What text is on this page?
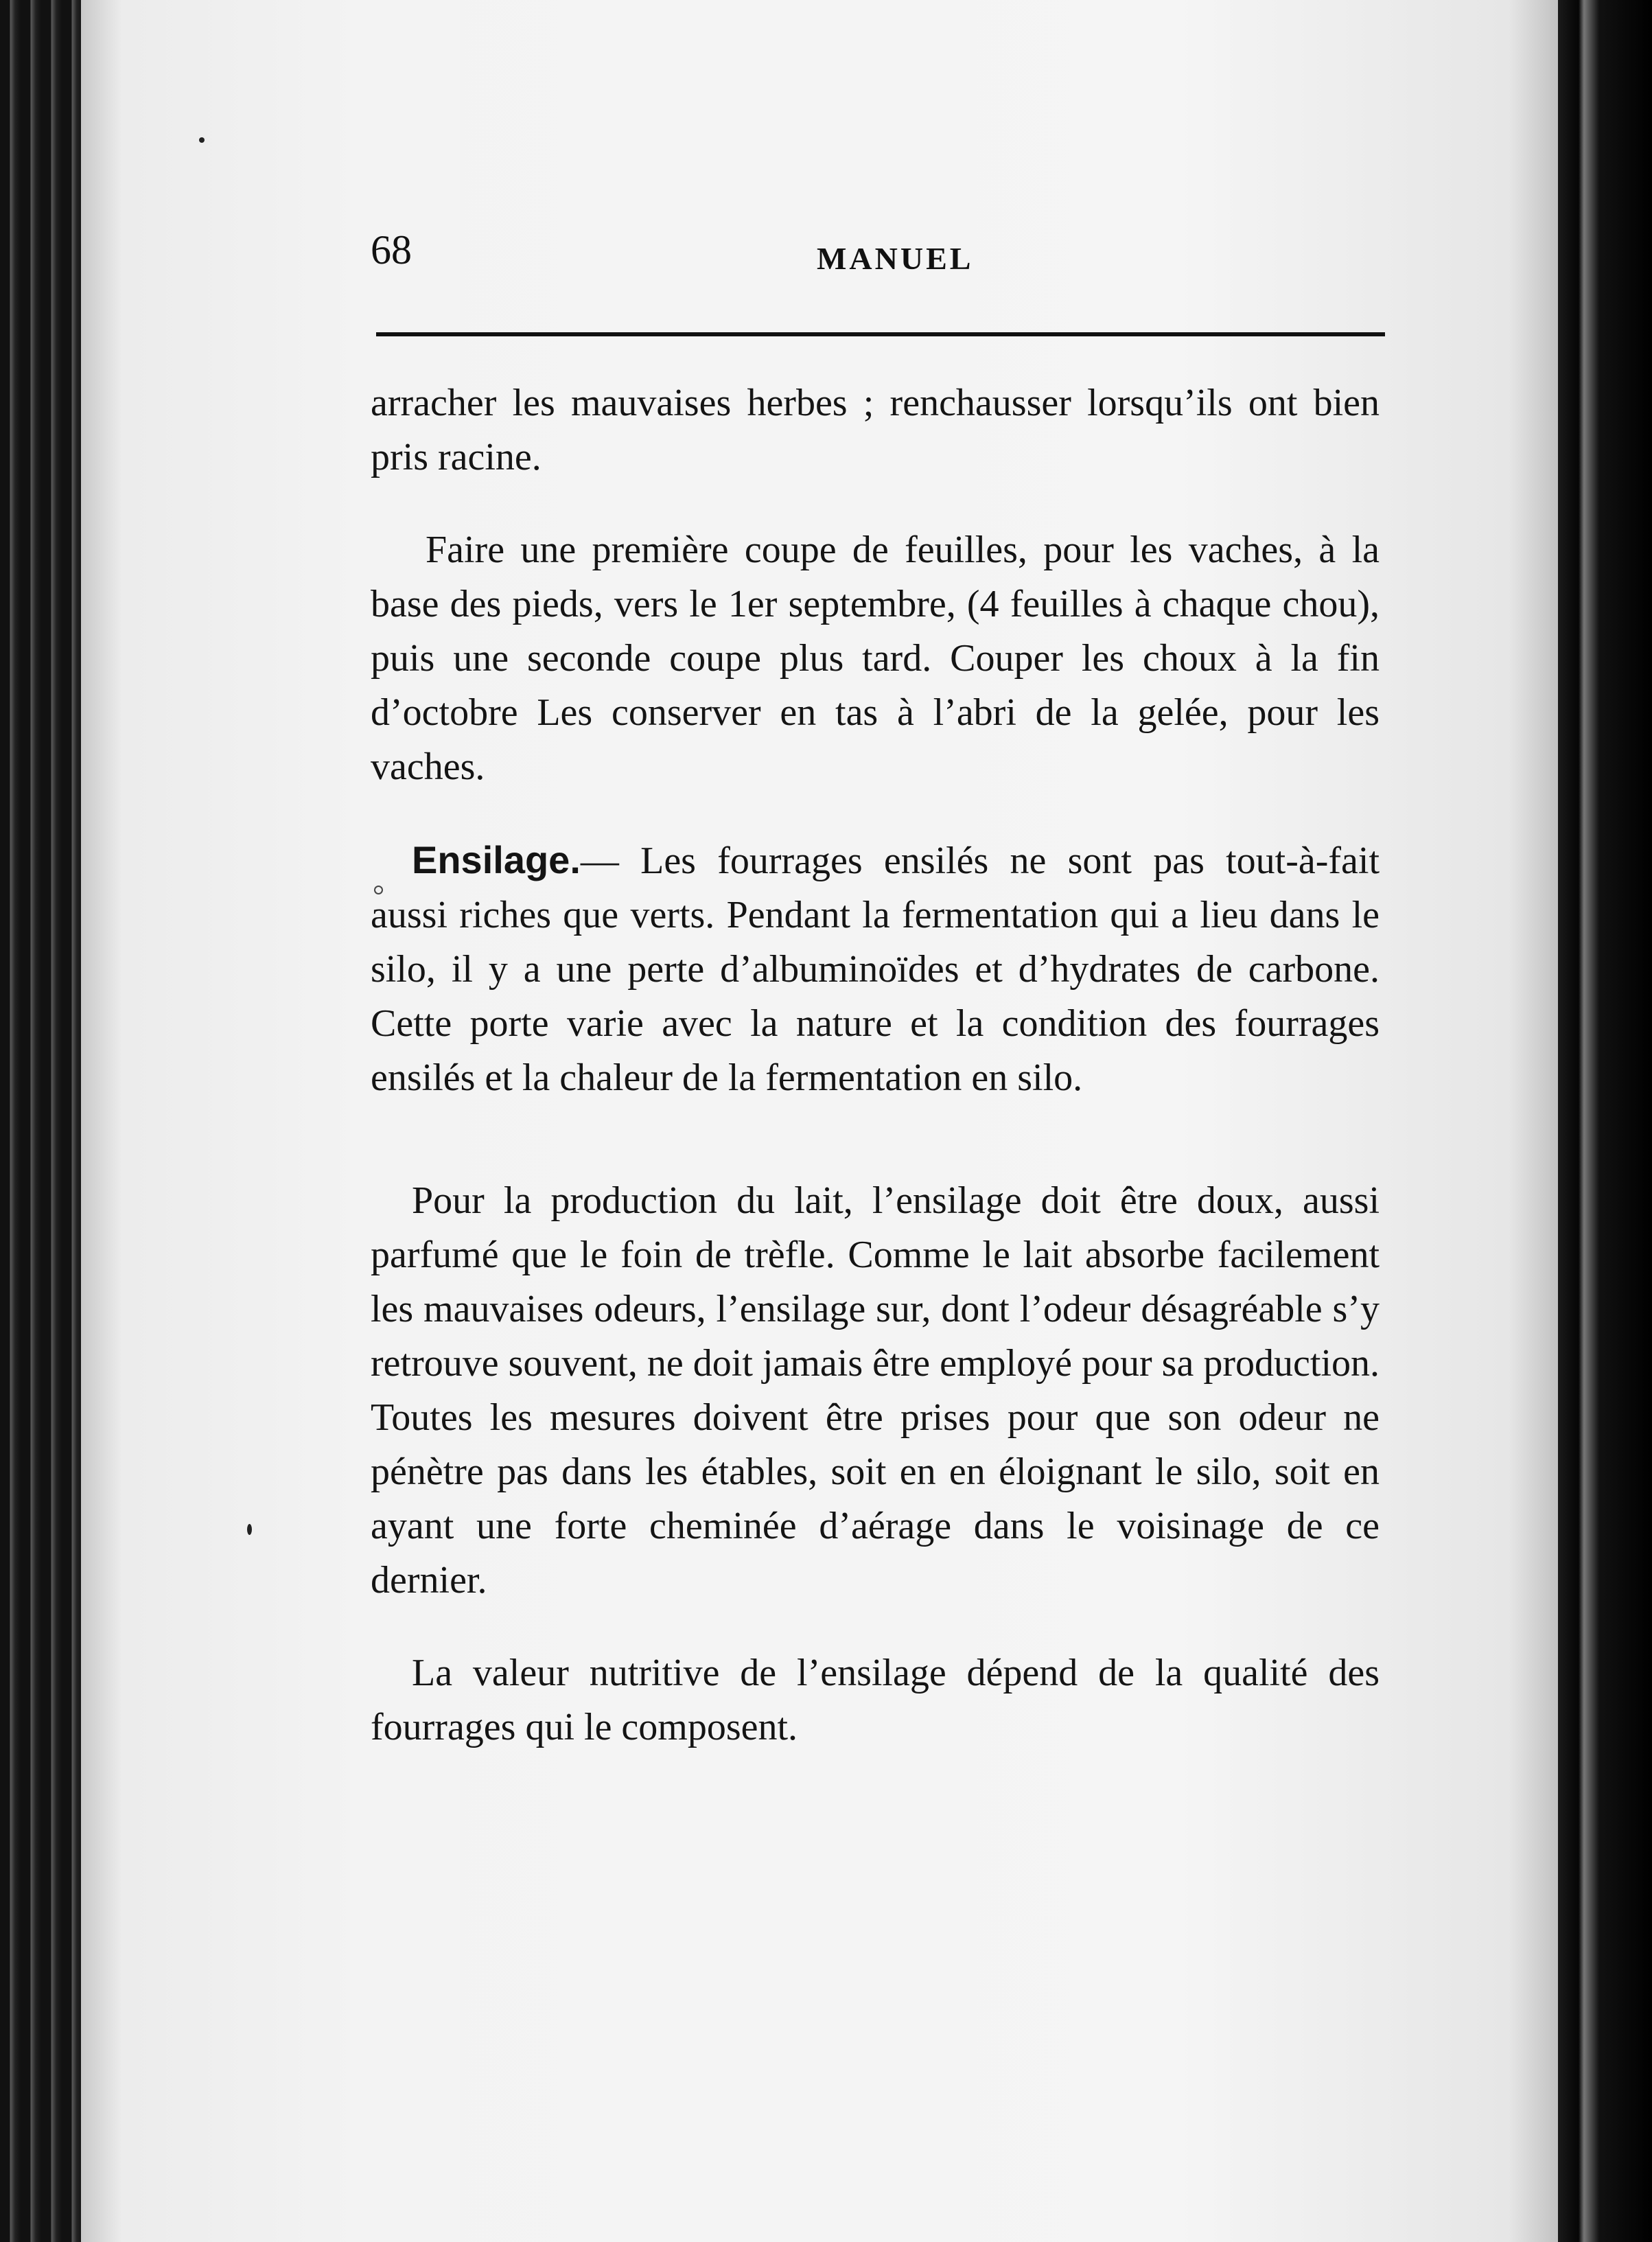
68	MANUEL

arracher les mauvaises herbes ; renchausser lorsqu’ils ont bien pris racine.

Faire une première coupe de feuilles, pour les vaches, à la base des pieds, vers le 1er septembre, (4 feuilles à chaque chou), puis une seconde coupe plus tard. Couper les choux à la fin d’octobre Les conserver en tas à l’abri de la gelée, pour les vaches.

Ensilage.— Les fourrages ensilés ne sont pas tout-à-fait aussi riches que verts. Pendant la fermentation qui a lieu dans le silo, il y a une perte d’albuminoïdes et d’hydrates de carbone. Cette porte varie avec la nature et la condition des fourrages ensilés et la chaleur de la fermentation en silo.

Pour la production du lait, l’ensilage doit être doux, aussi parfumé que le foin de trèfle. Comme le lait absorbe facilement les mauvaises odeurs, l’ensilage sur, dont l’odeur désagréable s’y retrouve souvent, ne doit jamais être employé pour sa production. Toutes les mesures doivent être prises pour que son odeur ne pénètre pas dans les étables, soit en en éloignant le silo, soit en ayant une forte cheminée d’aérage dans le voisinage de ce dernier.

La valeur nutritive de l’ensilage dépend de la qualité des fourrages qui le composent.
